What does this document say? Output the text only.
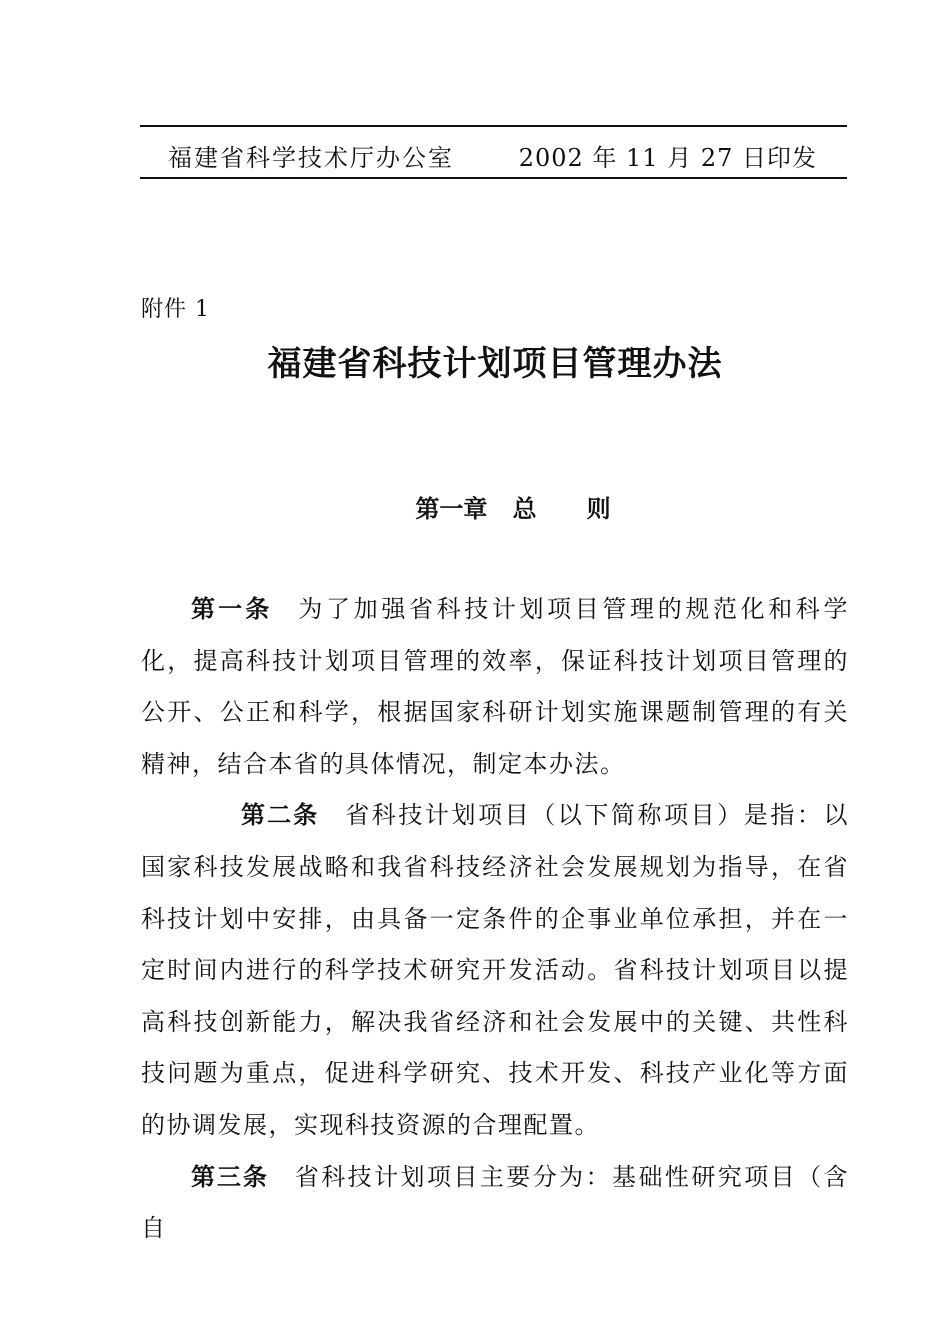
福建省科学技术厅办公室	2002 年 11 月 27 日印发
附件 1
福建省科技计划项目管理办法
第一章   总      则

第一条 为了加强省科技计划项目管理的规范化和科学化，提高科技计划项目管理的效率，保证科技计划项目管理的公开、公正和科学，根据国家科研计划实施课题制管理的有关精神，结合本省的具体情况，制定本办法。

第二条 省科技计划项目（以下简称项目）是指：以国家科技发展战略和我省科技经济社会发展规划为指导，在省科技计划中安排，由具备一定条件的企事业单位承担，并在一定时间内进行的科学技术研究开发活动。省科技计划项目以提高科技创新能力，解决我省经济和社会发展中的关键、共性科技问题为重点，促进科学研究、技术开发、科技产业化等方面的协调发展，实现科技资源的合理配置。

第三条 省科技计划项目主要分为：基础性研究项目（含自
